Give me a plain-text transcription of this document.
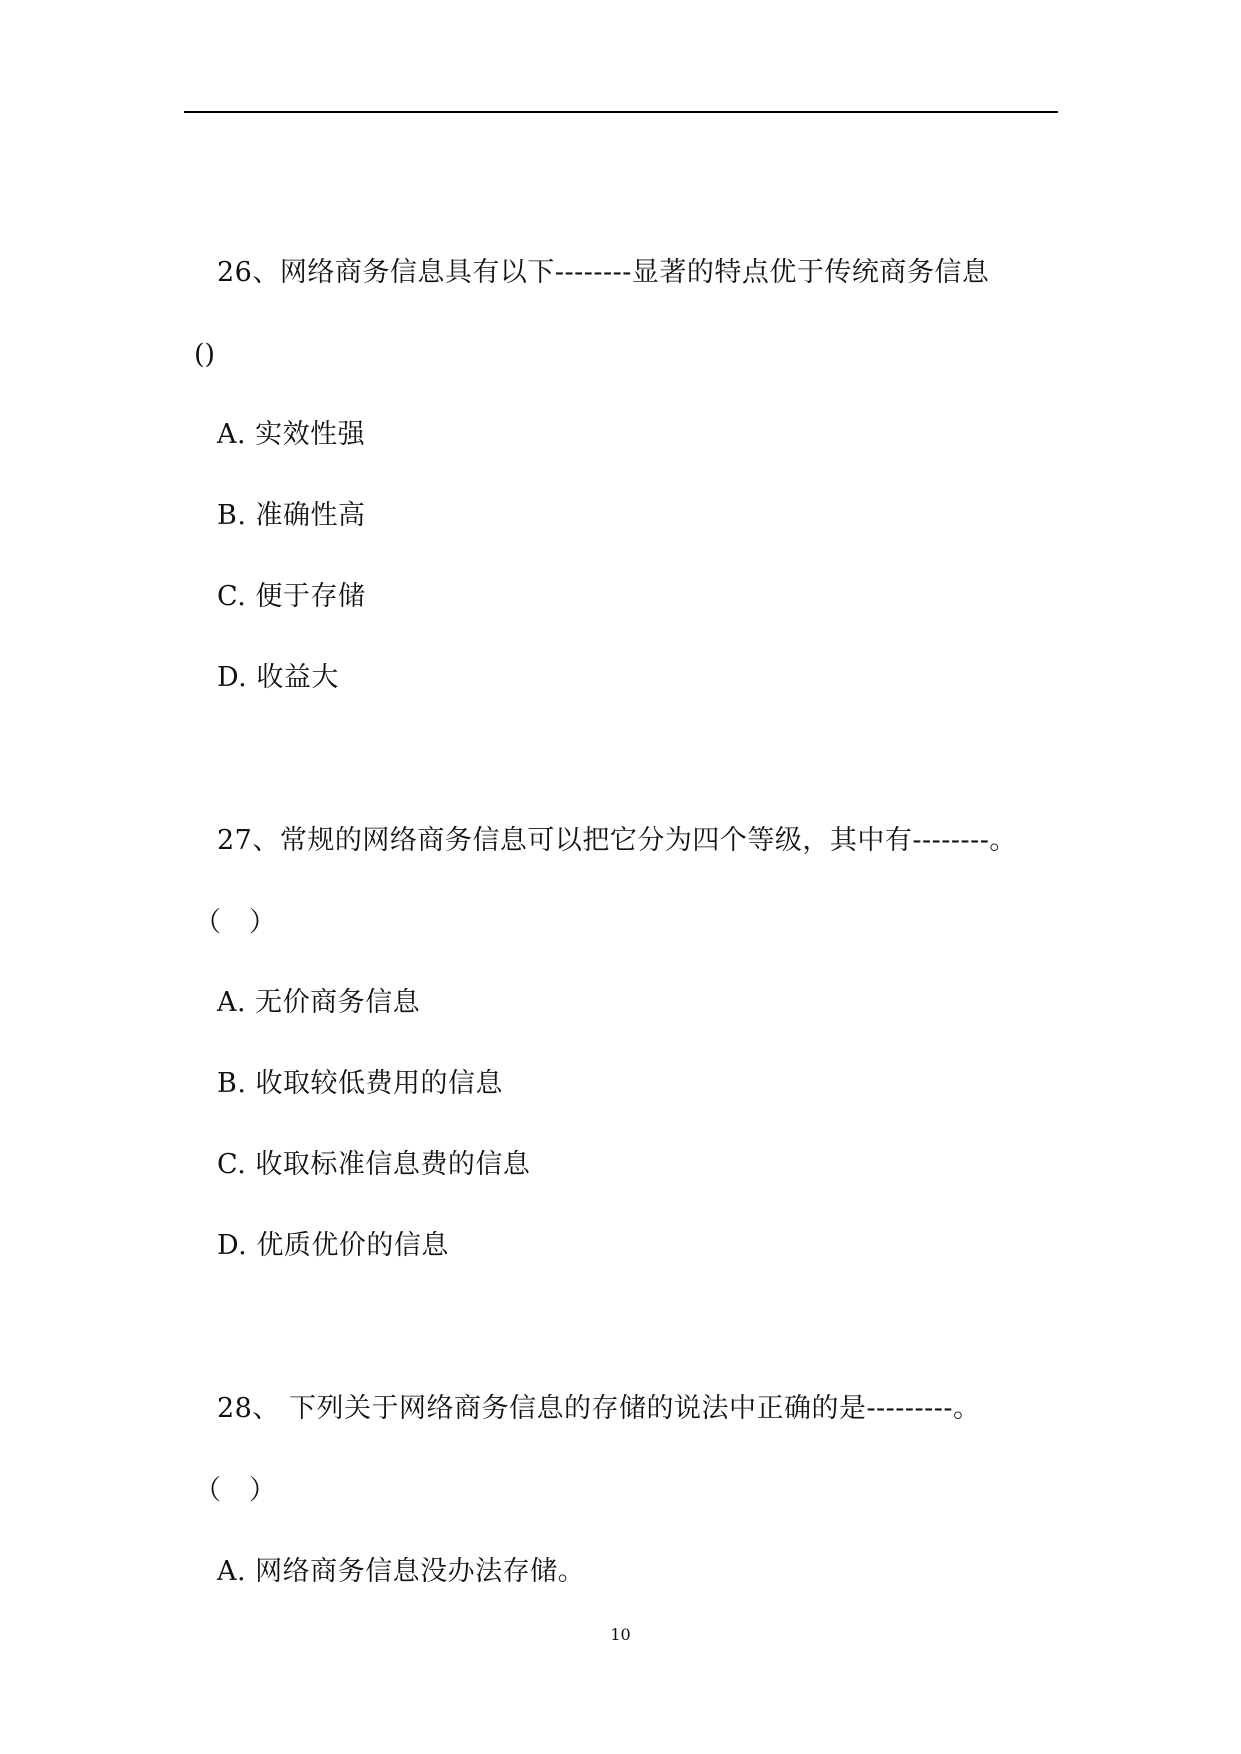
26、网络商务信息具有以下--------显著的特点优于传统商务信息
()
A. 实效性强
B. 准确性高
C. 便于存储
D. 收益大
27、常规的网络商务信息可以把它分为四个等级，其中有--------。
（　）
A. 无价商务信息
B. 收取较低费用的信息
C. 收取标准信息费的信息
D. 优质优价的信息
28、 下列关于网络商务信息的存储的说法中正确的是---------。
（　）
A. 网络商务信息没办法存储。
10
